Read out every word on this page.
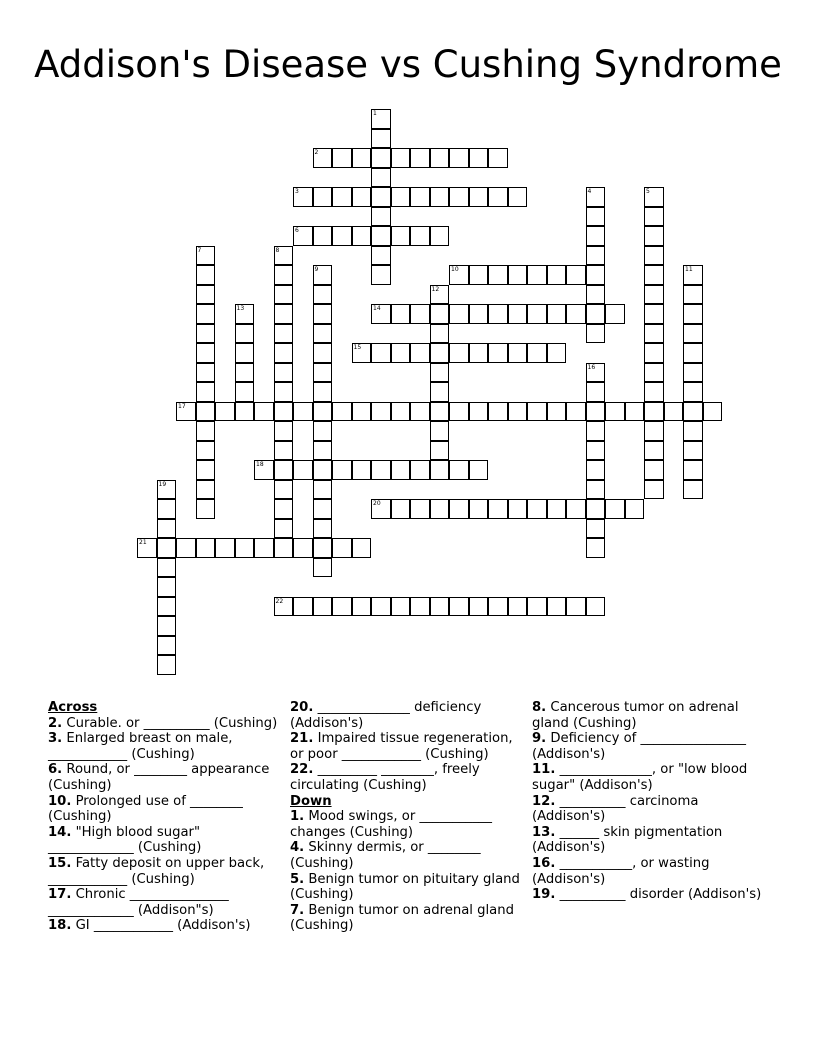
Addison's Disease vs Cushing Syndrome
1
2
3	4	5
6
7	8
9	10	11
12
13	14
15
16
17
18
19
20
21
22

Across

2. Curable. or __________ (Cushing)

3. Enlarged breast on male, ____________ (Cushing)

6. Round, or ________ appearance (Cushing)

10. Prolonged use of ________ (Cushing)

14. "High blood sugar" _____________ (Cushing)

15. Fatty deposit on upper back, ____________ (Cushing)

17. Chronic _______________ _____________ (Addison"s)

18. GI ____________ (Addison's)

20. ______________ deficiency (Addison's)

21. Impaired tissue regeneration, or poor ____________ (Cushing)

22. _________ ________, freely circulating (Cushing)

Down

1. Mood swings, or ___________ changes (Cushing)

4. Skinny dermis, or ________ (Cushing)

5. Benign tumor on pituitary gland (Cushing)

7. Benign tumor on adrenal gland (Cushing)

8. Cancerous tumor on adrenal gland (Cushing)

9. Deficiency of ________________ (Addison's)

11. ______________, or "low blood sugar" (Addison's)

12. __________ carcinoma (Addison's)

13. ______ skin pigmentation (Addison's)

16. ___________, or wasting (Addison's)

19. __________ disorder (Addison's)
